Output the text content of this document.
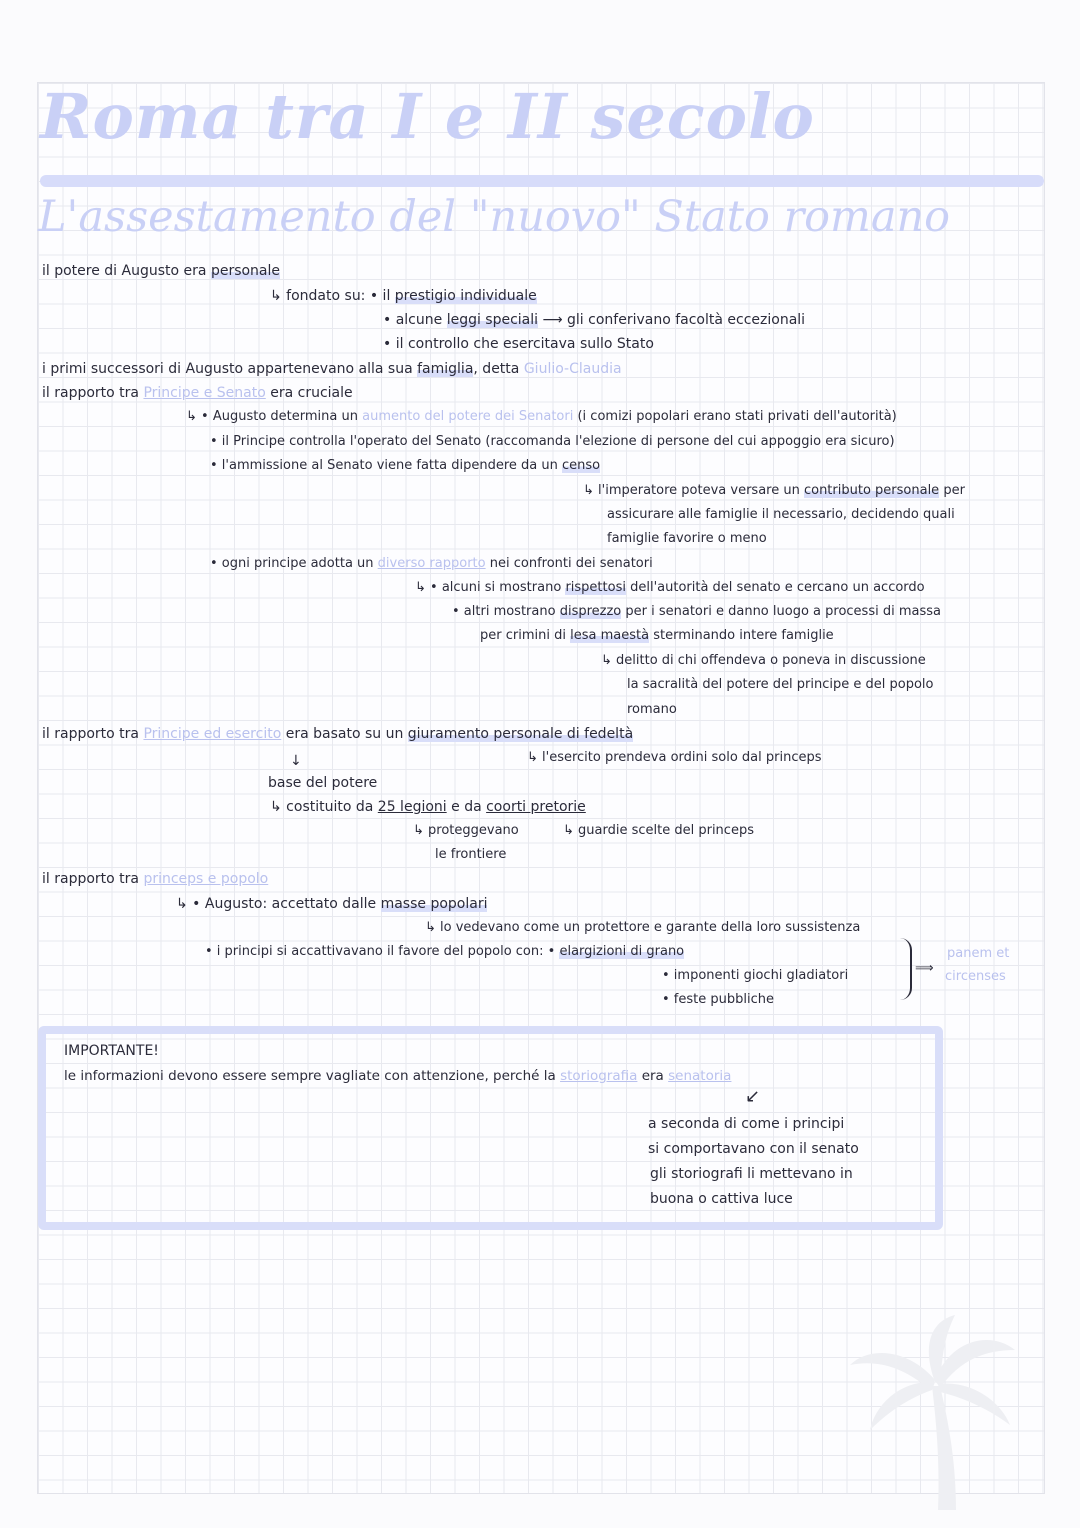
Roma tra I e II secolo
L'assestamento del "nuovo" Stato romano
il potere di Augusto era personale
↳ fondato su: • il prestigio individuale
• alcune leggi speciali ⟶ gli conferivano facoltà eccezionali
• il controllo che esercitava sullo Stato
i primi successori di Augusto appartenevano alla sua famiglia, detta Giulio-Claudia
il rapporto tra Principe e Senato era cruciale
↳ • Augusto determina un aumento del potere dei Senatori (i comizi popolari erano stati privati dell'autorità)
• il Principe controlla l'operato del Senato (raccomanda l'elezione di persone del cui appoggio era sicuro)
• l'ammissione al Senato viene fatta dipendere da un censo
↳ l'imperatore poteva versare un contributo personale per
assicurare alle famiglie il necessario, decidendo quali
famiglie favorire o meno
• ogni principe adotta un diverso rapporto nei confronti dei senatori
↳ • alcuni si mostrano rispettosi dell'autorità del senato e cercano un accordo
• altri mostrano disprezzo per i senatori e danno luogo a processi di massa
per crimini di lesa maestà sterminando intere famiglie
↳ delitto di chi offendeva o poneva in discussione
la sacralità del potere del principe e del popolo
romano
il rapporto tra Principe ed esercito era basato su un giuramento personale di fedeltà
↳ l'esercito prendeva ordini solo dal princeps
↓
base del potere
↳ costituito da 25 legioni e da coorti pretorie
↳ proteggevano	↳ guardie scelte del princeps
le frontiere
il rapporto tra princeps e popolo
↳ • Augusto: accettato dalle masse popolari
↳ lo vedevano come un protettore e garante della loro sussistenza
• i principi si accattivavano il favore del popolo con: • elargizioni di grano
• imponenti giochi gladiatori
• feste pubbliche
⟹
panem et
circenses
IMPORTANTE!
le informazioni devono essere sempre vagliate con attenzione, perché la storiografia era senatoria
↙
a seconda di come i principi
si comportavano con il senato
gli storiografi li mettevano in
buona o cattiva luce
